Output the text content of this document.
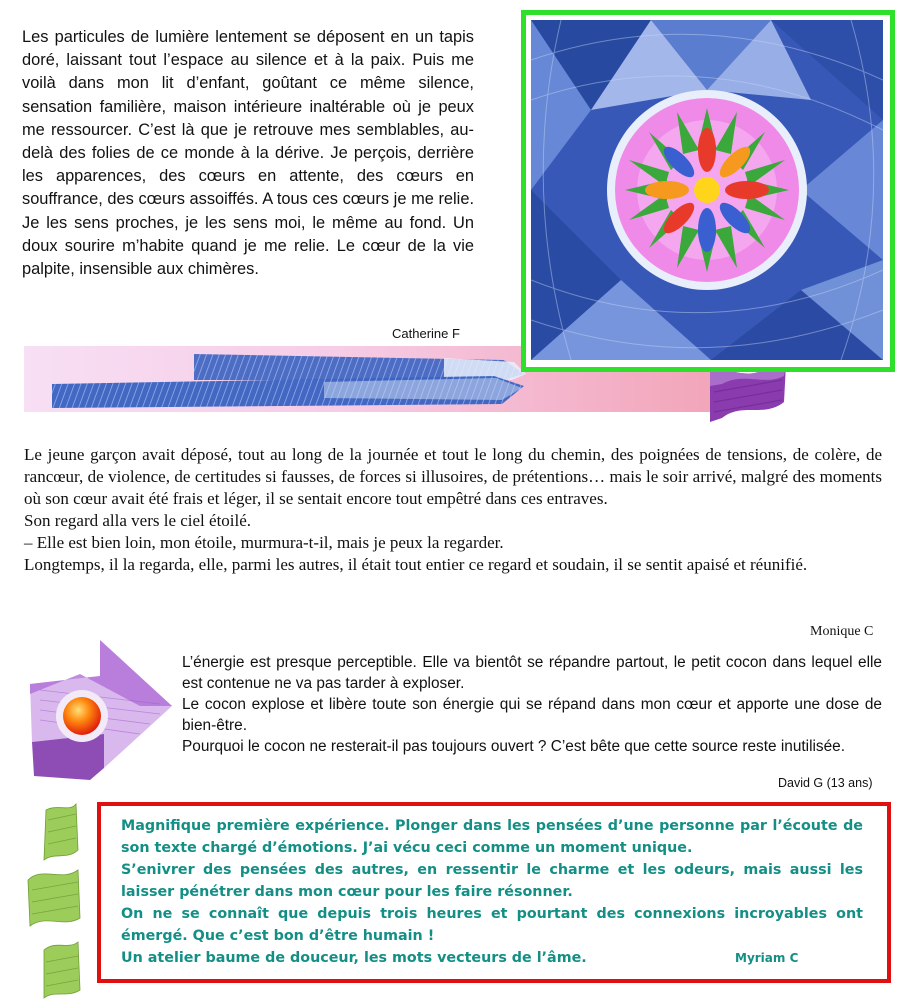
Les particules de lumière lentement se déposent en un tapis doré, laissant tout l’espace au silence et à la paix. Puis me voilà dans mon lit d’enfant, goûtant ce même silence, sensation familière, maison intérieure inaltérable où je peux me ressourcer. C’est là que je retrouve mes semblables, au-delà des folies de ce monde à la dérive. Je perçois, derrière les apparences, des cœurs en attente, des cœurs en souffrance, des cœurs assoiffés. A tous ces cœurs je me relie. Je les sens proches, je les sens moi, le même au fond. Un doux sourire m’habite quand je me relie. Le cœur de la vie palpite, insensible aux chimères.
Catherine F
Le jeune garçon avait déposé, tout au long de la journée et tout le long du chemin, des poignées de tensions, de colère, de rancœur, de violence, de certitudes si fausses, de forces si illusoires, de prétentions… mais le soir arrivé, malgré des moments où son cœur avait été frais et léger, il se sentait encore tout empêtré dans ces entraves.
Son regard alla vers le ciel étoilé.
– Elle est bien loin, mon étoile, murmura-t-il, mais je peux la regarder.
Longtemps, il la regarda, elle, parmi les autres, il était tout entier ce regard et soudain, il se sentit apaisé et réunifié.
Monique C
L’énergie est presque perceptible. Elle va bientôt se répandre partout, le petit cocon dans lequel elle est contenue ne va pas tarder à exploser.
Le cocon explose et libère toute son énergie qui se répand dans mon cœur et apporte une dose de bien-être.
Pourquoi le cocon ne resterait-il pas toujours ouvert ? C’est bête que cette source reste inutilisée.
David G (13 ans)
Magnifique première expérience. Plonger dans les pensées d’une personne par l’écoute de son texte chargé d’émotions. J’ai vécu ceci comme un moment unique.
S’enivrer des pensées des autres, en ressentir le charme et les odeurs, mais aussi les laisser pénétrer dans mon cœur pour les faire résonner.
On ne se connaît que depuis trois heures et pourtant des connexions incroyables ont émergé. Que c’est bon d’être humain !
Un atelier baume de douceur, les mots vecteurs de l’âme.	Myriam C
